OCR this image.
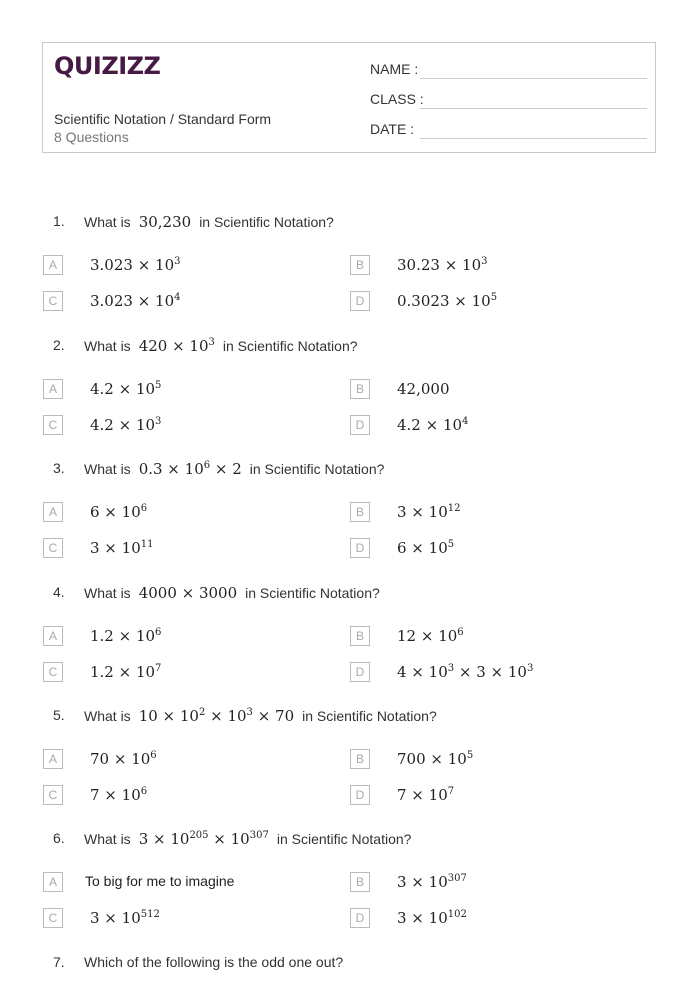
QUIZIZZ
Scientific Notation / Standard Form
8 Questions
NAME :
CLASS :
DATE :
1. What is 30,230 in Scientific Notation?
A	$3.023 \times 10^3$	B	$30.23 \times 10^3$
C	$3.023 \times 10^4$	D	$0.3023 \times 10^5$
2. What is $420 \times 10^3$ in Scientific Notation?
A	$4.2 \times 10^5$	B	42,000
C	$4.2 \times 10^3$	D	$4.2 \times 10^4$
3. What is $0.3 \times 10^6 \times 2$ in Scientific Notation?
A	$6 \times 10^6$	B	$3 \times 10^{12}$
C	$3 \times 10^{11}$	D	$6 \times 10^5$
4. What is 4000 × 3000 in Scientific Notation?
A	$1.2 \times 10^6$	B	$12 \times 10^6$
C	$1.2 \times 10^7$	D	$4 \times 10^3 \times 3 \times 10^3$
5. What is $10 \times 10^2 \times 10^3 \times 70$ in Scientific Notation?
A	$70 \times 10^6$	B	$700 \times 10^5$
C	$7 \times 10^6$	D	$7 \times 10^7$
6. What is $3 \times 10^{205} \times 10^{307}$ in Scientific Notation?
A	To big for me to imagine	B	$3 \times 10^{307}$
C	$3 \times 10^{512}$	D	$3 \times 10^{102}$
7. Which of the following is the odd one out?
